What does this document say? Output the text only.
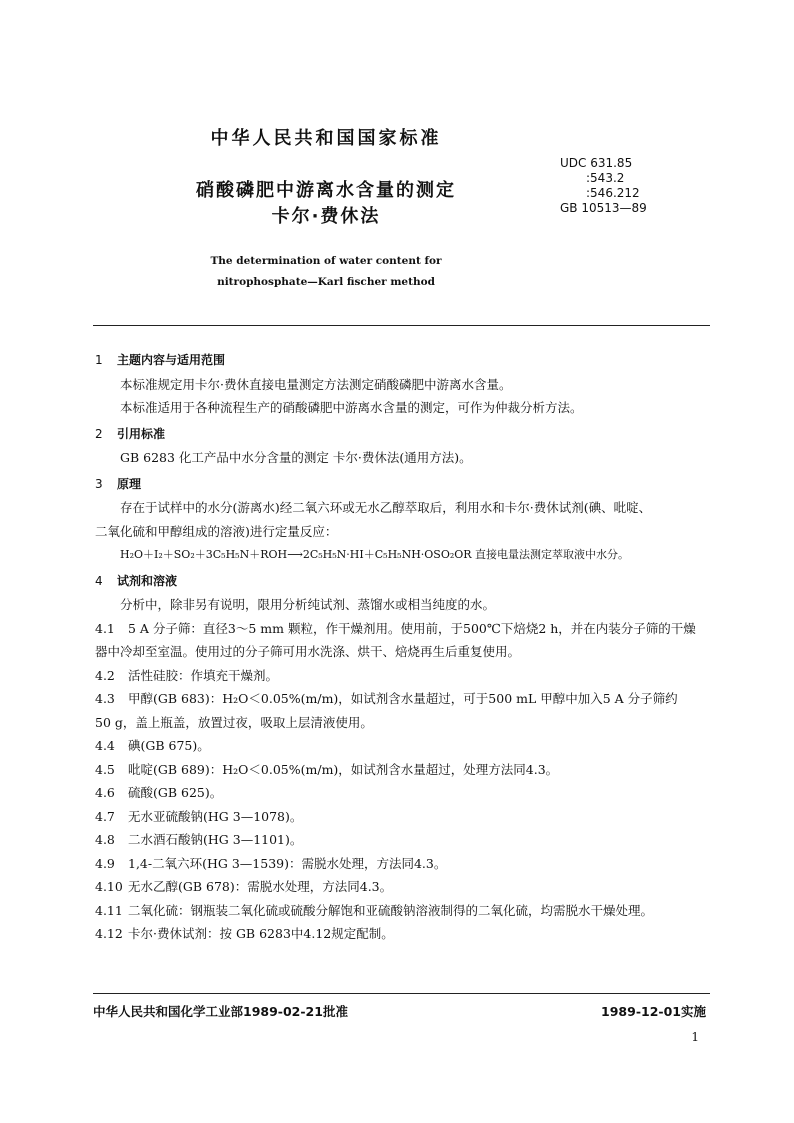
中华人民共和国国家标准
UDC 631.85
:543.2
:546.212
GB 10513—89
硝酸磷肥中游离水含量的测定
卡尔·费休法
The determination of water content for
nitrophosphate—Karl fischer method
1 主题内容与适用范围
本标准规定用卡尔·费休直接电量测定方法测定硝酸磷肥中游离水含量。
本标准适用于各种流程生产的硝酸磷肥中游离水含量的测定，可作为仲裁分析方法。
2 引用标准
GB 6283 化工产品中水分含量的测定 卡尔·费休法(通用方法)。
3 原理
存在于试样中的水分(游离水)经二氧六环或无水乙醇萃取后，利用水和卡尔·费休试剂(碘、吡啶、
二氧化硫和甲醇组成的溶液)进行定量反应：
H₂O＋I₂＋SO₂＋3C₅H₅N＋ROH⟶2C₅H₅N·HI＋C₅H₅NH·OSO₂OR 直接电量法测定萃取液中水分。
4 试剂和溶液
分析中，除非另有说明，限用分析纯试剂、蒸馏水或相当纯度的水。
4.1 5 A 分子筛：直径3～5 mm 颗粒，作干燥剂用。使用前，于500℃下焙烧2 h，并在内装分子筛的干燥
器中冷却至室温。使用过的分子筛可用水洗涤、烘干、焙烧再生后重复使用。
4.2 活性硅胶：作填充干燥剂。
4.3 甲醇(GB 683)：H₂O＜0.05%(m/m)，如试剂含水量超过，可于500 mL 甲醇中加入5 A 分子筛约
50 g，盖上瓶盖，放置过夜，吸取上层清液使用。
4.4 碘(GB 675)。
4.5 吡啶(GB 689)：H₂O＜0.05%(m/m)，如试剂含水量超过，处理方法同4.3。
4.6 硫酸(GB 625)。
4.7 无水亚硫酸钠(HG 3—1078)。
4.8 二水酒石酸钠(HG 3—1101)。
4.9 1,4-二氧六环(HG 3—1539)：需脱水处理，方法同4.3。
4.10 无水乙醇(GB 678)：需脱水处理，方法同4.3。
4.11 二氧化硫：钢瓶装二氧化硫或硫酸分解饱和亚硫酸钠溶液制得的二氧化硫，均需脱水干燥处理。
4.12 卡尔·费休试剂：按 GB 6283中4.12规定配制。
中华人民共和国化学工业部1989-02-21批准	1989-12-01实施
1
